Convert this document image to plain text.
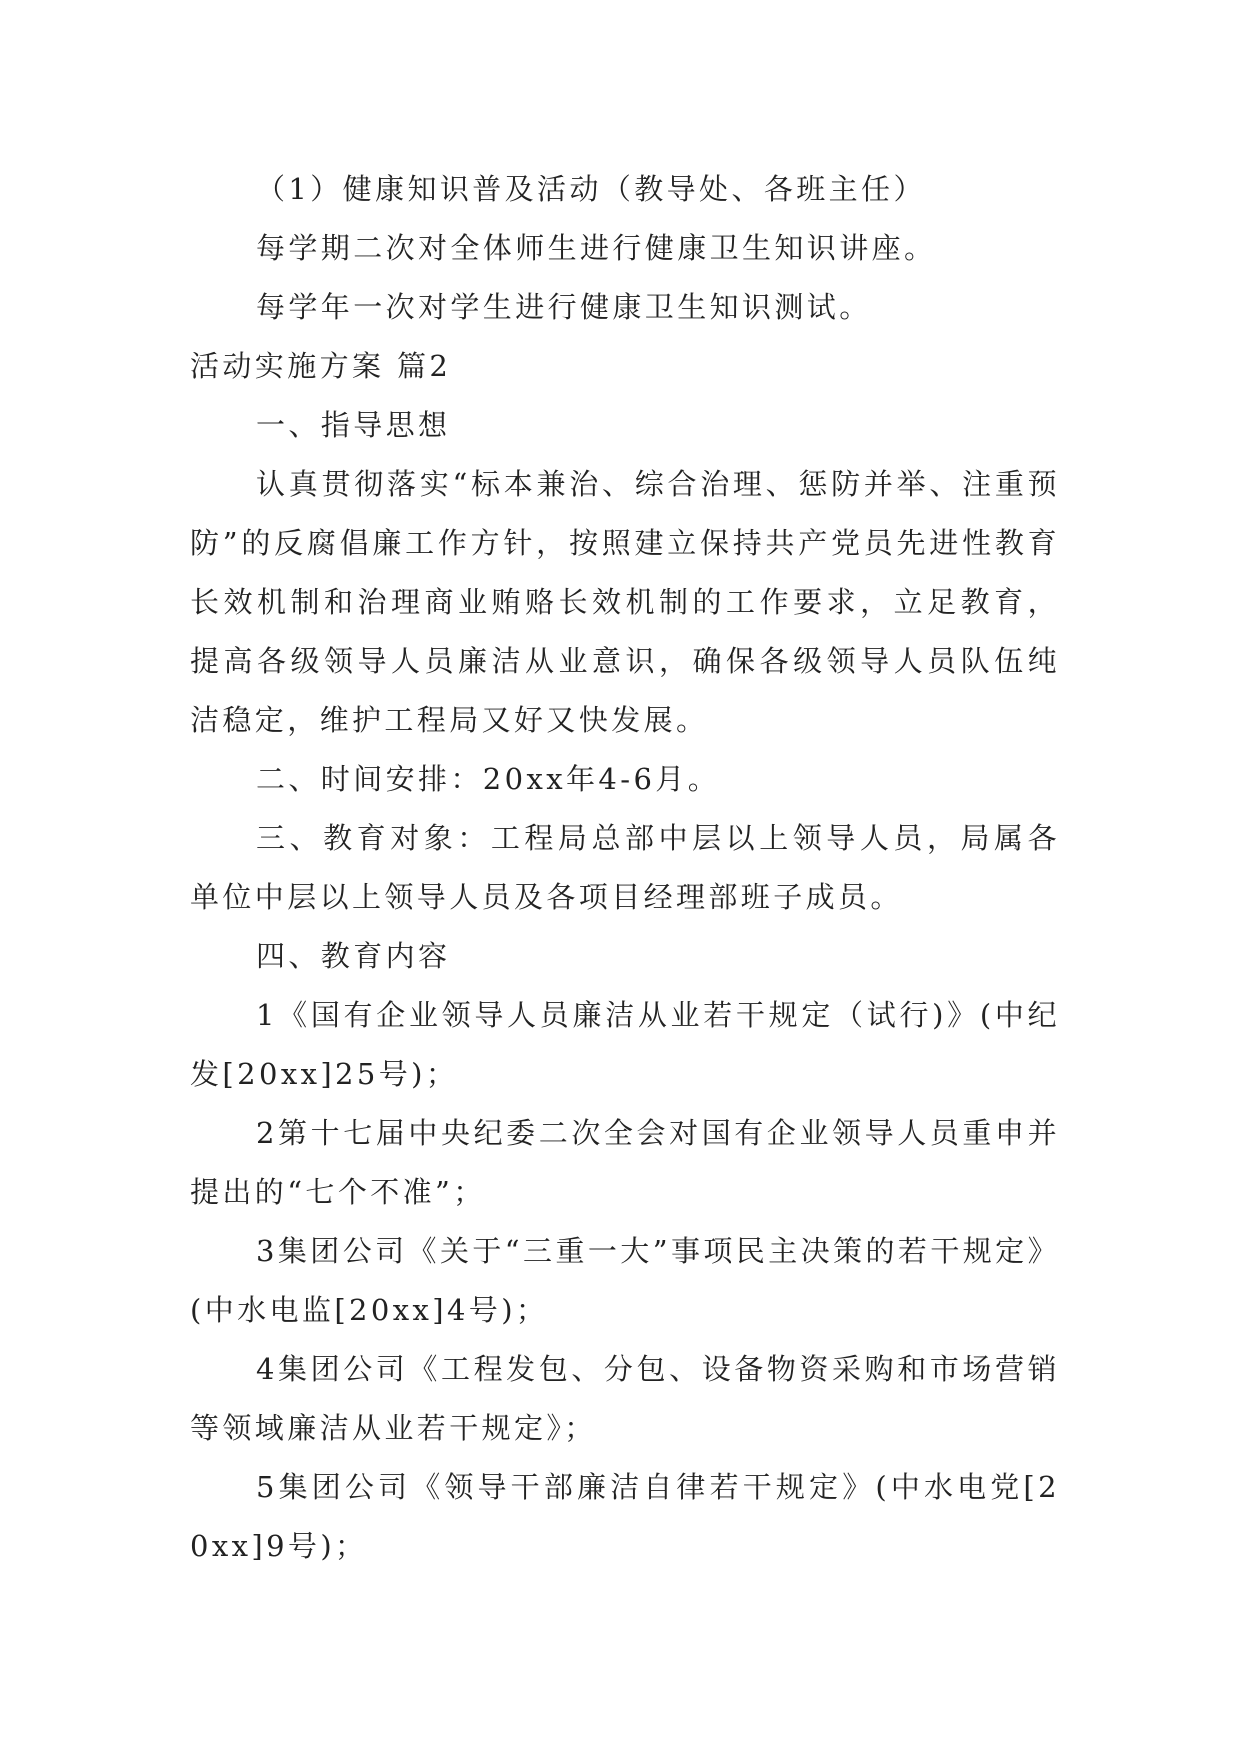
（1）健康知识普及活动（教导处、各班主任）

每学期二次对全体师生进行健康卫生知识讲座。

每学年一次对学生进行健康卫生知识测试。

活动实施方案 篇2

一、指导思想

认真贯彻落实“标本兼治、综合治理、惩防并举、注重预防”的反腐倡廉工作方针，按照建立保持共产党员先进性教育长效机制和治理商业贿赂长效机制的工作要求，立足教育，提高各级领导人员廉洁从业意识，确保各级领导人员队伍纯洁稳定，维护工程局又好又快发展。

二、时间安排：20xx年4-6月。

三、教育对象：工程局总部中层以上领导人员，局属各单位中层以上领导人员及各项目经理部班子成员。

四、教育内容

1《国有企业领导人员廉洁从业若干规定（试行)》(中纪发[20xx]25号)；

2第十七届中央纪委二次全会对国有企业领导人员重申并提出的“七个不准”；

3集团公司《关于“三重一大”事项民主决策的若干规定》(中水电监[20xx]4号)；

4集团公司《工程发包、分包、设备物资采购和市场营销等领域廉洁从业若干规定》；

5集团公司《领导干部廉洁自律若干规定》(中水电党[20xx]9号)；
